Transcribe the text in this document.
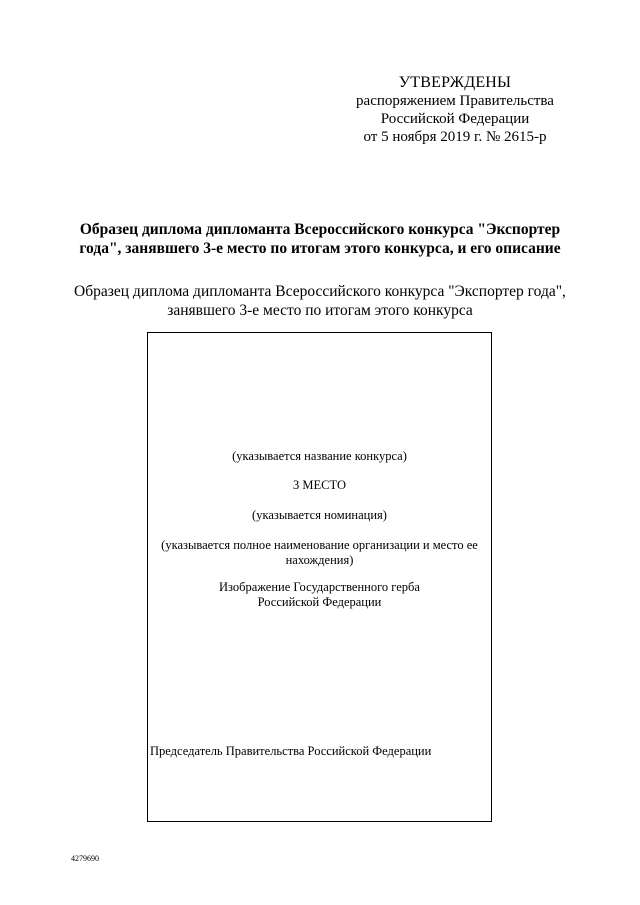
УТВЕРЖДЕНЫ
распоряжением Правительства
Российской Федерации
от 5 ноября 2019 г. № 2615-р
Образец диплома дипломанта Всероссийского конкурса "Экспортер
года", занявшего 3-е место по итогам этого конкурса, и его описание
Образец диплома дипломанта Всероссийского конкурса "Экспортер года",
занявшего 3-е место по итогам этого конкурса
(указывается название конкурса)
3 МЕСТО
(указывается номинация)
(указывается полное наименование организации и место ее
нахождения)
Изображение Государственного герба
Российской Федерации
Председатель Правительства Российской Федерации
4279690
